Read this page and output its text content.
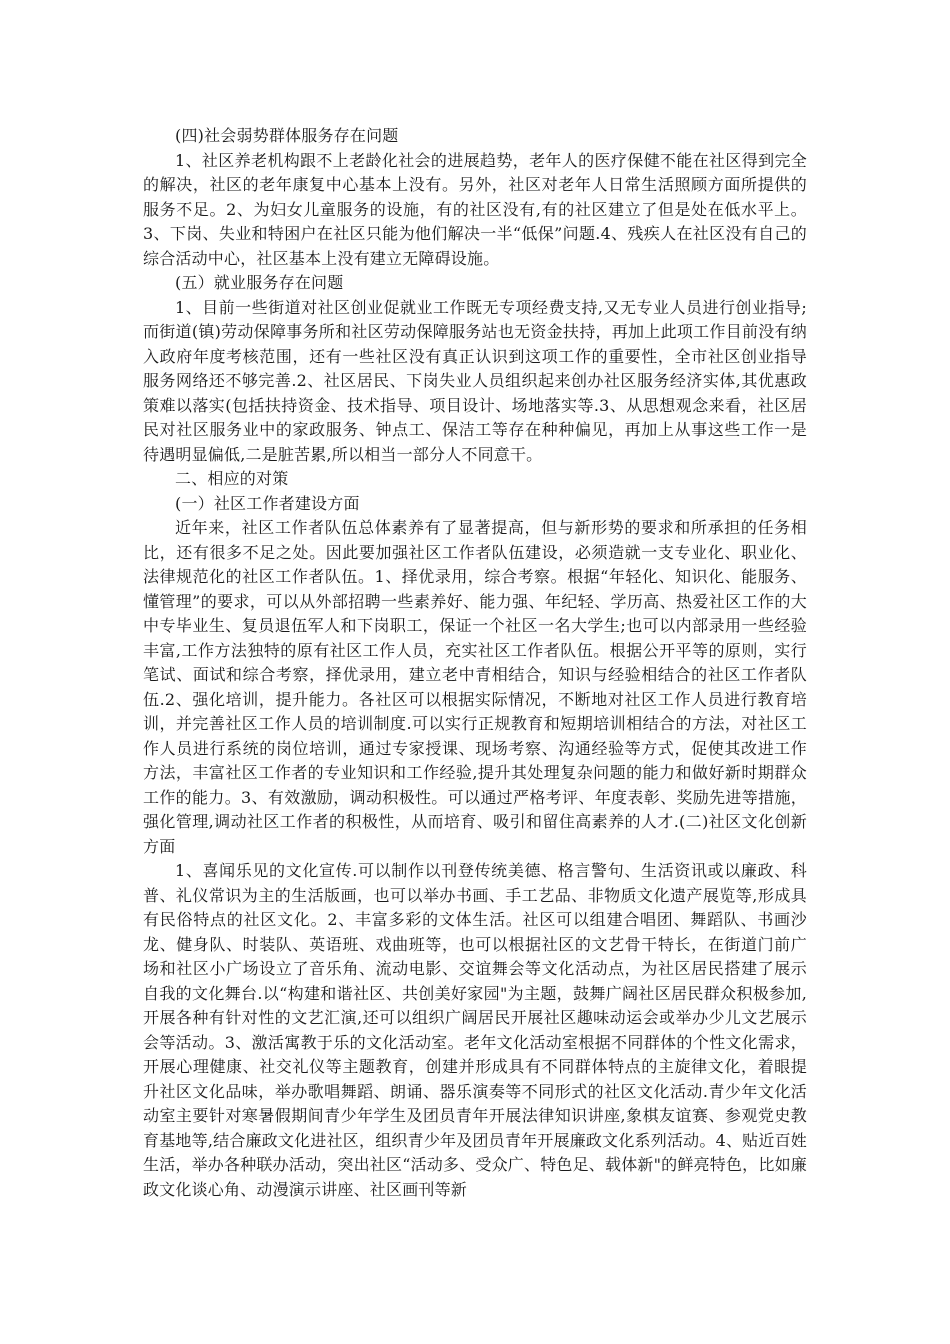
(四)社会弱势群体服务存在问题

1、社区养老机构跟不上老龄化社会的进展趋势，老年人的医疗保健不能在社区得到完全的解决，社区的老年康复中心基本上没有。另外，社区对老年人日常生活照顾方面所提供的服务不足。2、为妇女儿童服务的设施，有的社区没有,有的社区建立了但是处在低水平上。3、下岗、失业和特困户在社区只能为他们解决一半“低保”问题.4、残疾人在社区没有自己的综合活动中心，社区基本上没有建立无障碍设施。

(五）就业服务存在问题

1、目前一些街道对社区创业促就业工作既无专项经费支持,又无专业人员进行创业指导;而街道(镇)劳动保障事务所和社区劳动保障服务站也无资金扶持，再加上此项工作目前没有纳入政府年度考核范围，还有一些社区没有真正认识到这项工作的重要性，全市社区创业指导服务网络还不够完善.2、社区居民、下岗失业人员组织起来创办社区服务经济实体,其优惠政策难以落实(包括扶持资金、技术指导、项目设计、场地落实等.3、从思想观念来看，社区居民对社区服务业中的家政服务、钟点工、保洁工等存在种种偏见，再加上从事这些工作一是待遇明显偏低,二是脏苦累,所以相当一部分人不同意干。

二、相应的对策

(一）社区工作者建设方面

近年来，社区工作者队伍总体素养有了显著提高，但与新形势的要求和所承担的任务相比，还有很多不足之处。因此要加强社区工作者队伍建设，必须造就一支专业化、职业化、法律规范化的社区工作者队伍。1、择优录用，综合考察。根据“年轻化、知识化、能服务、懂管理”的要求，可以从外部招聘一些素养好、能力强、年纪轻、学历高、热爱社区工作的大中专毕业生、复员退伍军人和下岗职工，保证一个社区一名大学生;也可以内部录用一些经验丰富,工作方法独特的原有社区工作人员，充实社区工作者队伍。根据公开平等的原则，实行笔试、面试和综合考察，择优录用，建立老中青相结合，知识与经验相结合的社区工作者队伍.2、强化培训，提升能力。各社区可以根据实际情况，不断地对社区工作人员进行教育培训，并完善社区工作人员的培训制度.可以实行正规教育和短期培训相结合的方法，对社区工作人员进行系统的岗位培训，通过专家授课、现场考察、沟通经验等方式，促使其改进工作方法，丰富社区工作者的专业知识和工作经验,提升其处理复杂问题的能力和做好新时期群众工作的能力。3、有效激励，调动积极性。可以通过严格考评、年度表彰、奖励先进等措施，强化管理,调动社区工作者的积极性，从而培育、吸引和留住高素养的人才.(二)社区文化创新方面

1、喜闻乐见的文化宣传.可以制作以刊登传统美德、格言警句、生活资讯或以廉政、科普、礼仪常识为主的生活版画，也可以举办书画、手工艺品、非物质文化遗产展览等,形成具有民俗特点的社区文化。2、丰富多彩的文体生活。社区可以组建合唱团、舞蹈队、书画沙龙、健身队、时装队、英语班、戏曲班等，也可以根据社区的文艺骨干特长，在街道门前广场和社区小广场设立了音乐角、流动电影、交谊舞会等文化活动点，为社区居民搭建了展示自我的文化舞台.以“构建和谐社区、共创美好家园"为主题，鼓舞广阔社区居民群众积极参加,开展各种有针对性的文艺汇演,还可以组织广阔居民开展社区趣味动运会或举办少儿文艺展示会等活动。3、激活寓教于乐的文化活动室。老年文化活动室根据不同群体的个性文化需求，开展心理健康、社交礼仪等主题教育，创建并形成具有不同群体特点的主旋律文化，着眼提升社区文化品味，举办歌唱舞蹈、朗诵、器乐演奏等不同形式的社区文化活动.青少年文化活动室主要针对寒暑假期间青少年学生及团员青年开展法律知识讲座,象棋友谊赛、参观党史教育基地等,结合廉政文化进社区，组织青少年及团员青年开展廉政文化系列活动。4、贴近百姓生活，举办各种联办活动，突出社区“活动多、受众广、特色足、载体新"的鲜亮特色，比如廉政文化谈心角、动漫演示讲座、社区画刊等新
